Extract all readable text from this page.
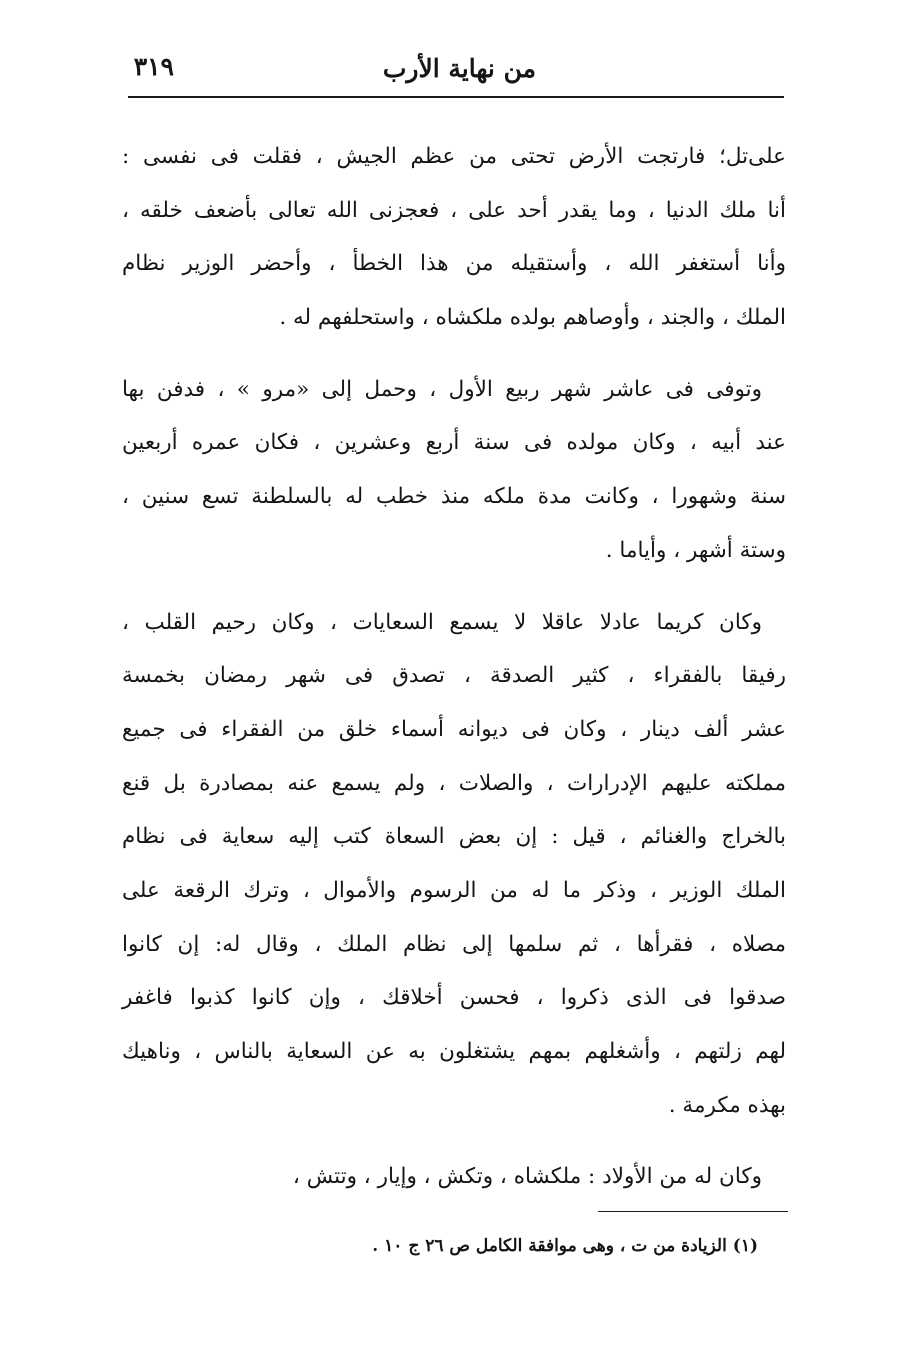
من نهاية الأرب
٣١٩
على‌تل؛ فارتجت الأرض تحتى من عظم الجيش ، فقلت فى نفسى :
أنا ملك الدنيا ، وما يقدر أحد على ، فعجزنى الله تعالى بأضعف خلقه ،
وأنا أستغفر الله ، وأستقيله من هذا الخطأ ، وأحضر الوزير نظام
الملك ، والجند ، وأوصاهم بولده ملكشاه ، واستحلفهم له .
وتوفى فى عاشر شهر ربيع الأول ، وحمل إلى «مرو » ، فدفن بها
عند أبيه ، وكان مولده فى سنة أربع وعشرين ، فكان عمره أربعين
سنة وشهورا ، وكانت مدة ملكه منذ خطب له بالسلطنة تسع سنين ،
وستة أشهر ، وأياما .
وكان كريما عادلا عاقلا لا يسمع السعايات ، وكان رحيم القلب ،
رفيقا بالفقراء ، كثير الصدقة ، تصدق فى شهر رمضان بخمسة
عشر ألف دينار ، وكان فى ديوانه أسماء خلق من الفقراء فى جميع
مملكته عليهم الإدرارات ، والصلات ، ولم يسمع عنه بمصادرة بل قنع
بالخراج والغنائم ، قيل : إن بعض السعاة كتب إليه سعاية فى نظام
الملك الوزير ، وذكر ما له من الرسوم والأموال ، وترك الرقعة على
مصلاه ، فقرأها ، ثم سلمها إلى نظام الملك ، وقال له: إن كانوا
صدقوا فى الذى ذكروا ، فحسن أخلاقك ، وإن كانوا كذبوا فاغفر
لهم زلتهم ، وأشغلهم بمهم يشتغلون به عن السعاية بالناس ، وناهيك
بهذه مكرمة .
وكان له من الأولاد : ملكشاه ، وتكش ، وإيار ، وتتش ،
(١) الزيادة من ت ، وهى موافقة الكامل ص ٢٦ ج ١٠ .
